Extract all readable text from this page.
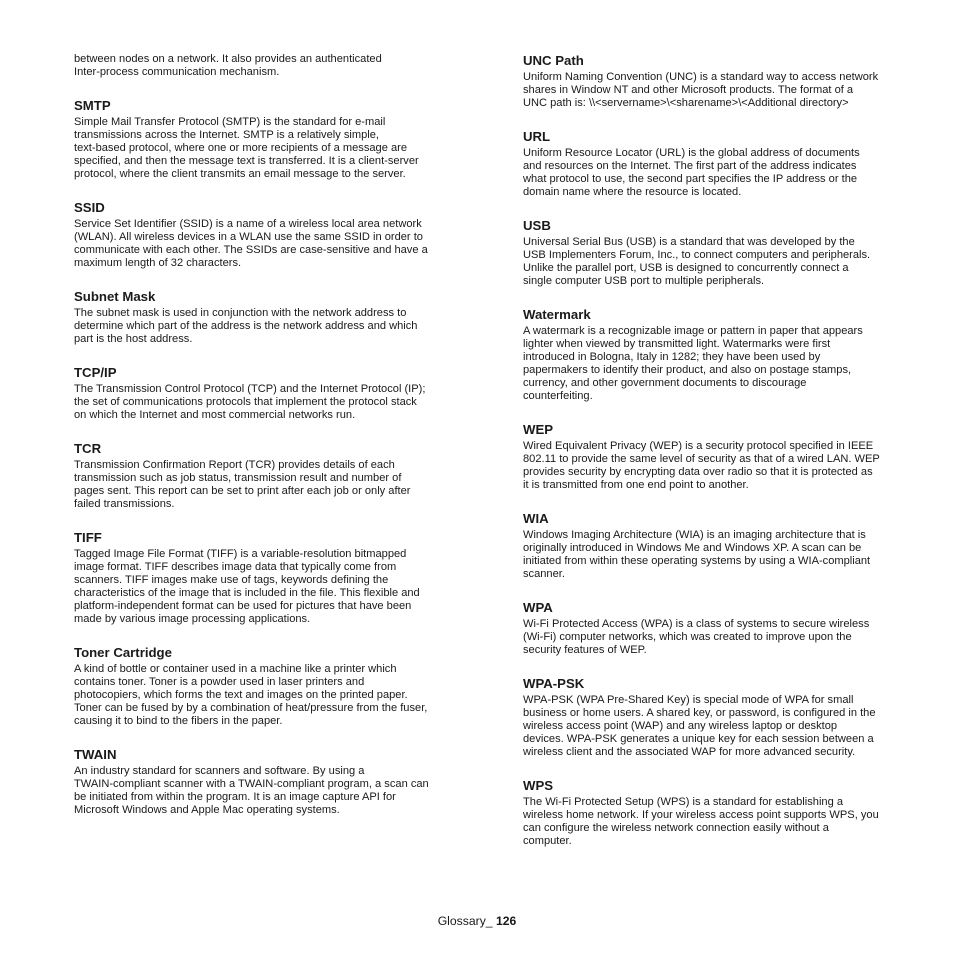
between nodes on a network. It also provides an authenticated
Inter-process communication mechanism.

SMTP

Simple Mail Transfer Protocol (SMTP) is the standard for e-mail
transmissions across the Internet. SMTP is a relatively simple,
text-based protocol, where one or more recipients of a message are
specified, and then the message text is transferred. It is a client-server
protocol, where the client transmits an email message to the server.

SSID

Service Set Identifier (SSID) is a name of a wireless local area network
(WLAN). All wireless devices in a WLAN use the same SSID in order to
communicate with each other. The SSIDs are case-sensitive and have a
maximum length of 32 characters.

Subnet Mask

The subnet mask is used in conjunction with the network address to
determine which part of the address is the network address and which
part is the host address.

TCP/IP

The Transmission Control Protocol (TCP) and the Internet Protocol (IP);
the set of communications protocols that implement the protocol stack
on which the Internet and most commercial networks run.

TCR

Transmission Confirmation Report (TCR) provides details of each
transmission such as job status, transmission result and number of
pages sent. This report can be set to print after each job or only after
failed transmissions.

TIFF

Tagged Image File Format (TIFF) is a variable-resolution bitmapped
image format. TIFF describes image data that typically come from
scanners. TIFF images make use of tags, keywords defining the
characteristics of the image that is included in the file. This flexible and
platform-independent format can be used for pictures that have been
made by various image processing applications.

Toner Cartridge

A kind of bottle or container used in a machine like a printer which
contains toner. Toner is a powder used in laser printers and
photocopiers, which forms the text and images on the printed paper.
Toner can be fused by by a combination of heat/pressure from the fuser,
causing it to bind to the fibers in the paper.

TWAIN

An industry standard for scanners and software. By using a
TWAIN-compliant scanner with a TWAIN-compliant program, a scan can
be initiated from within the program. It is an image capture API for
Microsoft Windows and Apple Mac operating systems.

UNC Path

Uniform Naming Convention (UNC) is a standard way to access network
shares in Window NT and other Microsoft products. The format of a
UNC path is: \\<servername>\<sharename>\<Additional directory>

URL

Uniform Resource Locator (URL) is the global address of documents
and resources on the Internet. The first part of the address indicates
what protocol to use, the second part specifies the IP address or the
domain name where the resource is located.

USB

Universal Serial Bus (USB) is a standard that was developed by the
USB Implementers Forum, Inc., to connect computers and peripherals.
Unlike the parallel port, USB is designed to concurrently connect a
single computer USB port to multiple peripherals.

Watermark

A watermark is a recognizable image or pattern in paper that appears
lighter when viewed by transmitted light. Watermarks were first
introduced in Bologna, Italy in 1282; they have been used by
papermakers to identify their product, and also on postage stamps,
currency, and other government documents to discourage
counterfeiting.

WEP

Wired Equivalent Privacy (WEP) is a security protocol specified in IEEE
802.11 to provide the same level of security as that of a wired LAN. WEP
provides security by encrypting data over radio so that it is protected as
it is transmitted from one end point to another.

WIA

Windows Imaging Architecture (WIA) is an imaging architecture that is
originally introduced in Windows Me and Windows XP. A scan can be
initiated from within these operating systems by using a WIA-compliant
scanner.

WPA

Wi-Fi Protected Access (WPA) is a class of systems to secure wireless
(Wi-Fi) computer networks, which was created to improve upon the
security features of WEP.

WPA-PSK

WPA-PSK (WPA Pre-Shared Key) is special mode of WPA for small
business or home users. A shared key, or password, is configured in the
wireless access point (WAP) and any wireless laptop or desktop
devices. WPA-PSK generates a unique key for each session between a
wireless client and the associated WAP for more advanced security.

WPS

The Wi-Fi Protected Setup (WPS) is a standard for establishing a
wireless home network. If your wireless access point supports WPS, you
can configure the wireless network connection easily without a
computer.

Glossary_ 126
